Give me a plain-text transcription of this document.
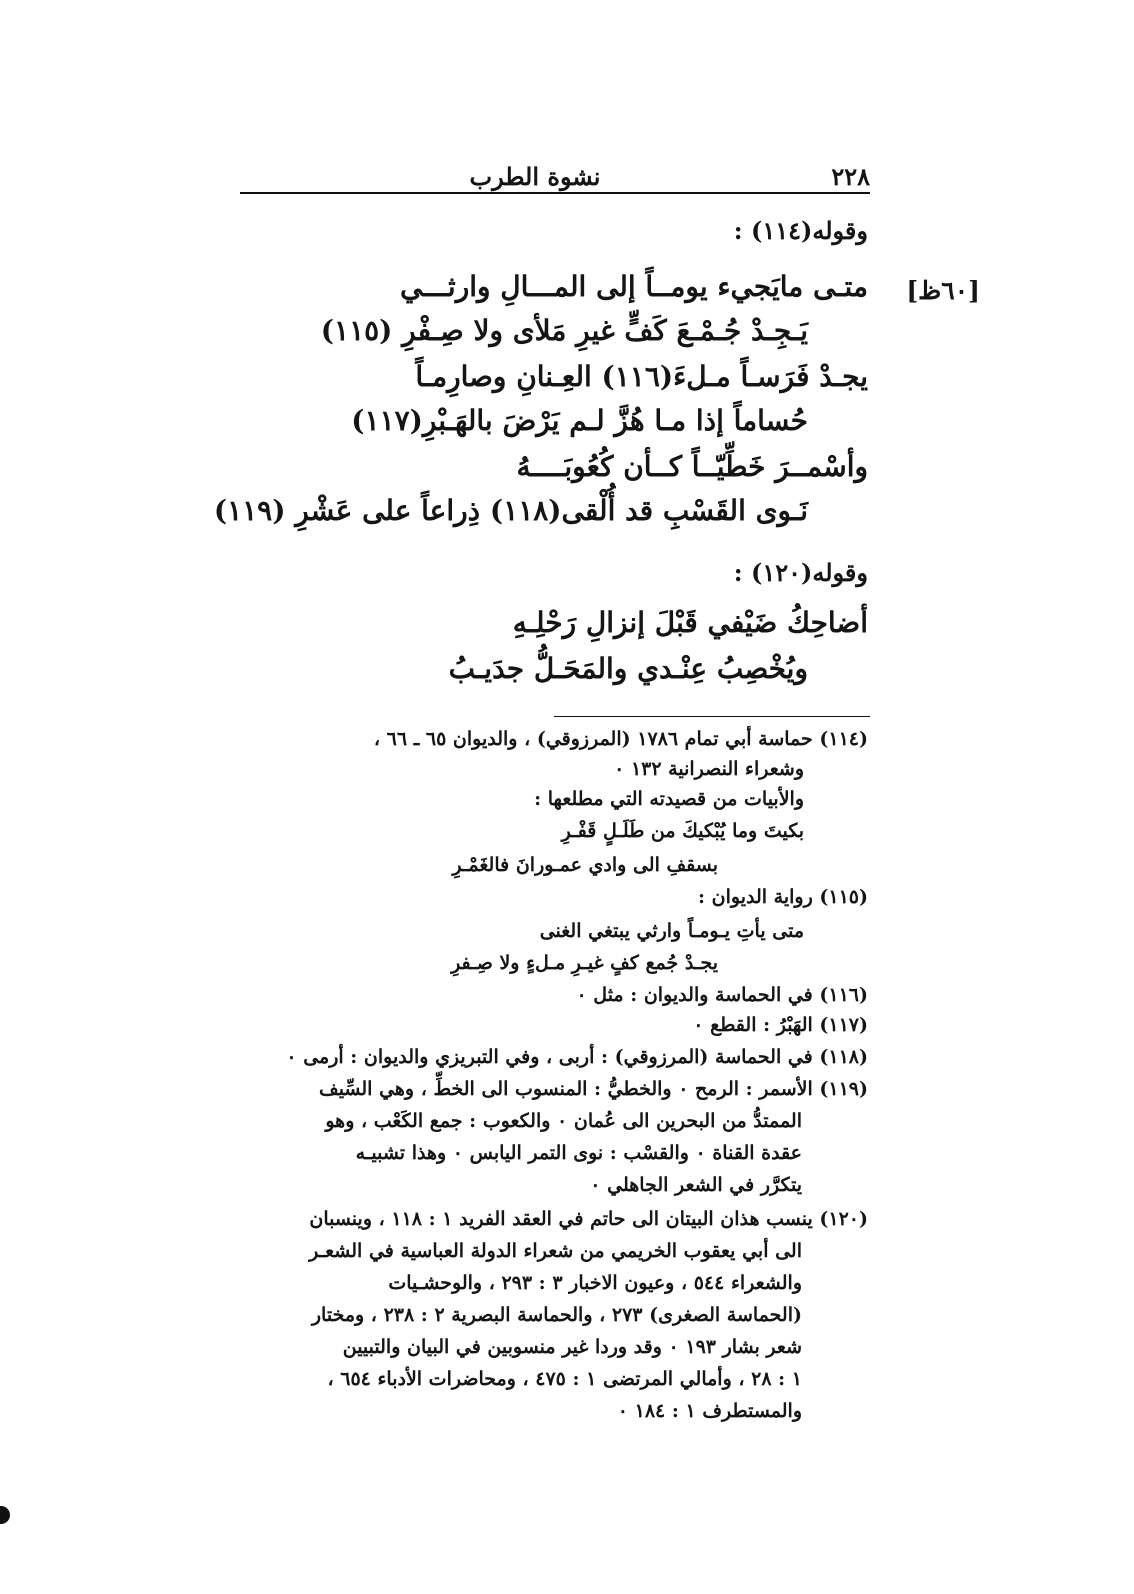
٢٢٨
نشوة الطرب
وقوله(١١٤) :
[٦٠ظ]
متـى مايَجيء يومــاً إلى المـــالِ وارثـــي
يَـجِـدْ جُـمْـعَ كَفٍّ غيرِ مَلأى ولا صِـفْرِ (١١٥)
يجـدْ فَرَسـاً مـلءَ(١١٦) العِـنانِ وصارِمـاً
حُساماً إذا مـا هُزَّ لـم يَرْضَ بالهَـبْرِ(١١٧)
وأسْمــرَ خَطِّيّــاً كــأن كُعُوبَــــهُ
نَـوى القَسْبِ قد أُلْقى(١١٨) ذِراعاً على عَشْرِ (١١٩)
وقوله(١٢٠) :
أضاحِكُ ضَيْفي قَبْلَ إنزالِ رَحْلِـهِ
ويُخْصِبُ عِنْـدي والمَحَـلُّ جدَيـبُ
(١١٤) حماسة أبي تمام ١٧٨٦ (المرزوقي) ، والديوان ٦٥ ـ ٦٦ ،
وشعراء النصرانية ١٣٢ ٠
والأبيات من قصيدته التي مطلعها :
بكيتَ وما يُبْكيكَ من طَلَـلٍ قَفْـرِ
بسقفِ الى وادي عمـورانَ فالغَمْـرِ
(١١٥) رواية الديوان :
متى يأتِ يـومـاً وارثي يبتغي الغنى
يجـدْ جُمع كفٍ غيـرِ مـلءٍ ولا صِـفرِ
(١١٦) في الحماسة والديوان : مثل ٠
(١١٧) الهَبْرُ : القطع ٠
(١١٨) في الحماسة (المرزوقي) : أربى ، وفي التبريزي والديوان : أرمى ٠
(١١٩) الأسمر : الرمح ٠ والخطيُّ : المنسوب الى الخطِّ ، وهي السِّيف
الممتدُّ من البحرين الى عُمان ٠ والكعوب : جمع الكَعْب ، وهو
عقدة القناة ٠ والقسْب : نوى التمر اليابس ٠ وهذا تشبيـه
يتكرَّر في الشعر الجاهلي ٠
(١٢٠) ينسب هذان البيتان الى حاتم في العقد الفريد ١ : ١١٨ ، وينسبان
الى أبي يعقوب الخريمي من شعراء الدولة العباسية في الشعـر
والشعراء ٥٤٤ ، وعيون الاخبار ٣ : ٢٩٣ ، والوحشـيات
(الحماسة الصغرى) ٢٧٣ ، والحماسة البصرية ٢ : ٢٣٨ ، ومختار
شعر بشار ١٩٣ ٠ وقد وردا غير منسوبين في البيان والتبيين
١ : ٢٨ ، وأمالي المرتضى ١ : ٤٧٥ ، ومحاضرات الأدباء ٦٥٤ ،
والمستطرف ١ : ١٨٤ ٠
